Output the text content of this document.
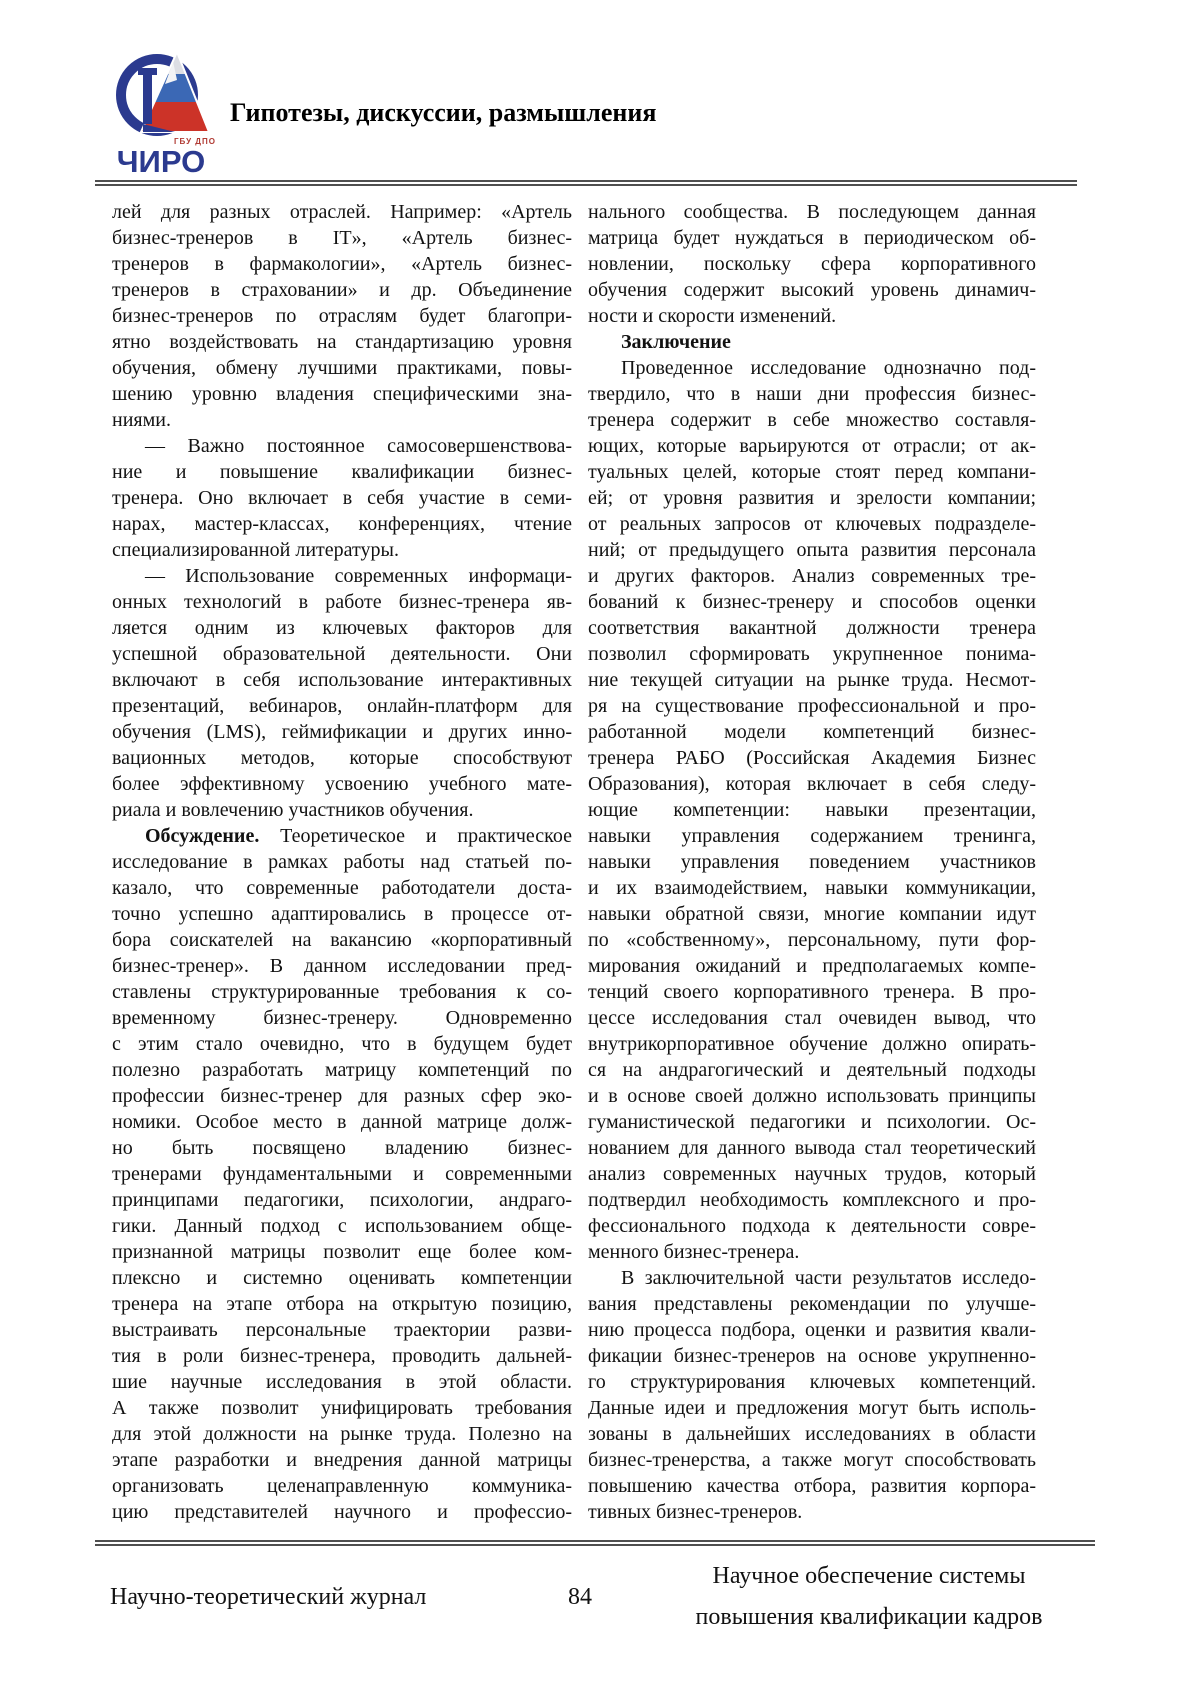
ГБУ ДПО
ЧИРО
Гипотезы, дискуссии, размышления
лей для разных отраслей. Например: «Артель
бизнес-тренеров в IT», «Артель бизнес-
тренеров в фармакологии», «Артель бизнес-
тренеров в страховании» и др. Объединение
бизнес-тренеров по отраслям будет благопри-
ятно воздействовать на стандартизацию уровня
обучения, обмену лучшими практиками, повы-
шению уровню владения специфическими зна-
ниями.
— Важно постоянное самосовершенствова-
ние и повышение квалификации бизнес-
тренера. Оно включает в себя участие в семи-
нарах, мастер-классах, конференциях, чтение
специализированной литературы.
— Использование современных информаци-
онных технологий в работе бизнес-тренера яв-
ляется одним из ключевых факторов для
успешной образовательной деятельности. Они
включают в себя использование интерактивных
презентаций, вебинаров, онлайн-платформ для
обучения (LMS), геймификации и других инно-
вационных методов, которые способствуют
более эффективному усвоению учебного мате-
риала и вовлечению участников обучения.
Обсуждение. Теоретическое и практическое
исследование в рамках работы над статьей по-
казало, что современные работодатели доста-
точно успешно адаптировались в процессе от-
бора соискателей на вакансию «корпоративный
бизнес-тренер». В данном исследовании пред-
ставлены структурированные требования к со-
временному бизнес-тренеру. Одновременно
с этим стало очевидно, что в будущем будет
полезно разработать матрицу компетенций по
профессии бизнес-тренер для разных сфер эко-
номики. Особое место в данной матрице долж-
но быть посвящено владению бизнес-
тренерами фундаментальными и современными
принципами педагогики, психологии, андраго-
гики. Данный подход с использованием обще-
признанной матрицы позволит еще более ком-
плексно и системно оценивать компетенции
тренера на этапе отбора на открытую позицию,
выстраивать персональные траектории разви-
тия в роли бизнес-тренера, проводить дальней-
шие научные исследования в этой области.
А также позволит унифицировать требования
для этой должности на рынке труда. Полезно на
этапе разработки и внедрения данной матрицы
организовать целенаправленную коммуника-
цию представителей научного и профессио-
нального сообщества. В последующем данная
матрица будет нуждаться в периодическом об-
новлении, поскольку сфера корпоративного
обучения содержит высокий уровень динамич-
ности и скорости изменений.
Заключение
Проведенное исследование однозначно под-
твердило, что в наши дни профессия бизнес-
тренера содержит в себе множество составля-
ющих, которые варьируются от отрасли; от ак-
туальных целей, которые стоят перед компани-
ей; от уровня развития и зрелости компании;
от реальных запросов от ключевых подразделе-
ний; от предыдущего опыта развития персонала
и других факторов. Анализ современных тре-
бований к бизнес-тренеру и способов оценки
соответствия вакантной должности тренера
позволил сформировать укрупненное понима-
ние текущей ситуации на рынке труда. Несмот-
ря на существование профессиональной и про-
работанной модели компетенций бизнес-
тренера РАБО (Российская Академия Бизнес
Образования), которая включает в себя следу-
ющие компетенции: навыки презентации,
навыки управления содержанием тренинга,
навыки управления поведением участников
и их взаимодействием, навыки коммуникации,
навыки обратной связи, многие компании идут
по «собственному», персональному, пути фор-
мирования ожиданий и предполагаемых компе-
тенций своего корпоративного тренера. В про-
цессе исследования стал очевиден вывод, что
внутрикорпоративное обучение должно опирать-
ся на андрагогический и деятельный подходы
и в основе своей должно использовать принципы
гуманистической педагогики и психологии. Ос-
нованием для данного вывода стал теоретический
анализ современных научных трудов, который
подтвердил необходимость комплексного и про-
фессионального подхода к деятельности совре-
менного бизнес-тренера.
В заключительной части результатов исследо-
вания представлены рекомендации по улучше-
нию процесса подбора, оценки и развития квали-
фикации бизнес-тренеров на основе укрупненно-
го структурирования ключевых компетенций.
Данные идеи и предложения могут быть исполь-
зованы в дальнейших исследованиях в области
бизнес-тренерства, а также могут способствовать
повышению качества отбора, развития корпора-
тивных бизнес-тренеров.
Научно-теоретический журнал	84
Научное обеспечение системы
повышения квалификации кадров
